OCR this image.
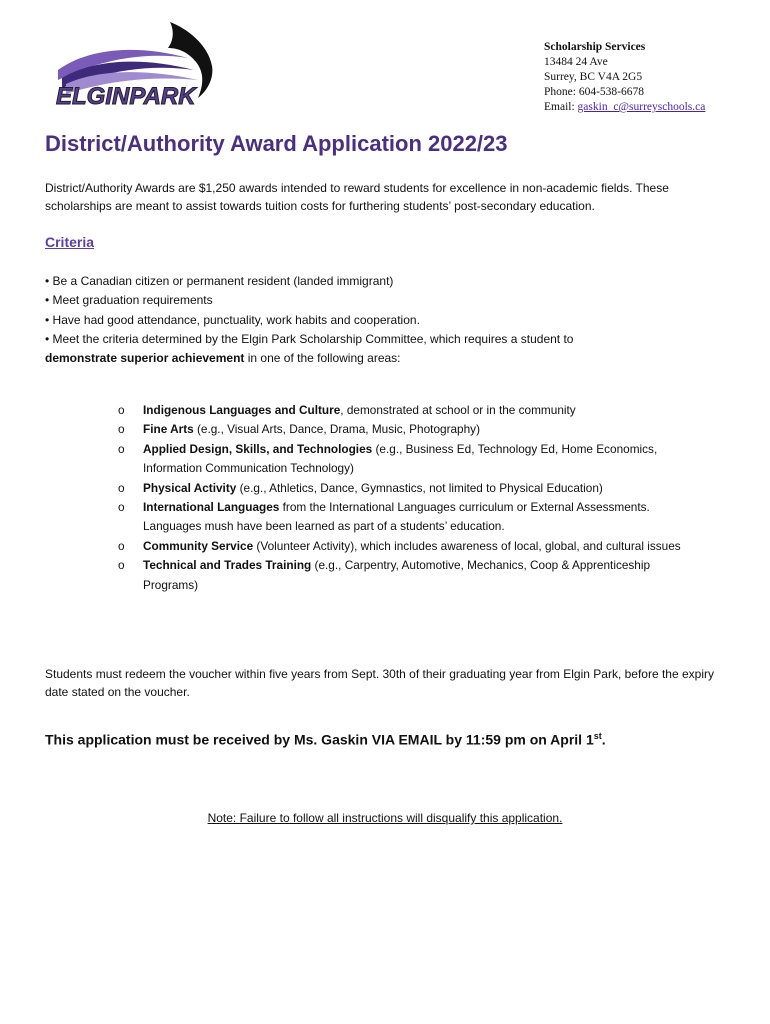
ELGINPARK
Scholarship Services
13484 24 Ave
Surrey, BC V4A 2G5
Phone: 604-538-6678
Email: gaskin_c@surreyschools.ca
District/Authority Award Application 2022/23

District/Authority Awards are $1,250 awards intended to reward students for excellence in non-academic fields. These scholarships are meant to assist towards tuition costs for furthering students’ post-secondary education.

Criteria
• Be a Canadian citizen or permanent resident (landed immigrant)
• Meet graduation requirements
• Have had good attendance, punctuality, work habits and cooperation.
• Meet the criteria determined by the Elgin Park Scholarship Committee, which requires a student to
demonstrate superior achievement in one of the following areas:
o Indigenous Languages and Culture, demonstrated at school or in the community
o Fine Arts (e.g., Visual Arts, Dance, Drama, Music, Photography)
o Applied Design, Skills, and Technologies (e.g., Business Ed, Technology Ed, Home Economics, Information Communication Technology)
o Physical Activity (e.g., Athletics, Dance, Gymnastics, not limited to Physical Education)
o International Languages from the International Languages curriculum or External Assessments. Languages mush have been learned as part of a students’ education.
o Community Service (Volunteer Activity), which includes awareness of local, global, and cultural issues
o Technical and Trades Training (e.g., Carpentry, Automotive, Mechanics, Coop & Apprenticeship Programs)

Students must redeem the voucher within five years from Sept. 30th of their graduating year from Elgin Park, before the expiry date stated on the voucher.

This application must be received by Ms. Gaskin VIA EMAIL by 11:59 pm on April 1st.

Note: Failure to follow all instructions will disqualify this application.
